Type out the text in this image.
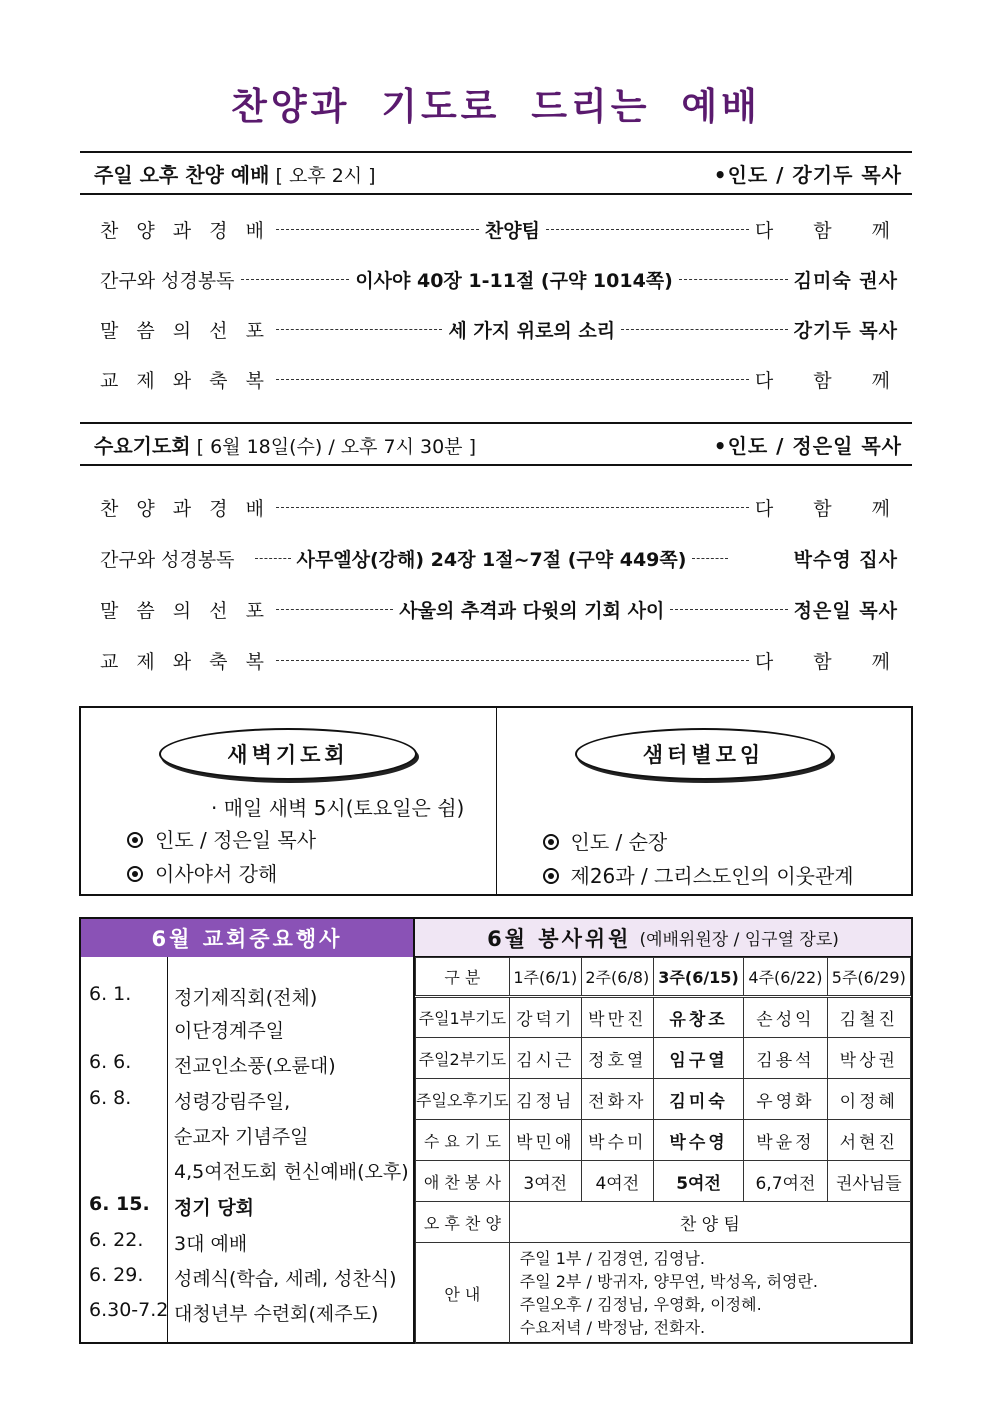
찬양과 기도로 드리는 예배
주일 오후 찬양 예배 [ 오후 2시 ]	•인도 / 강기두 목사
찬 양 과 경 배	찬양팀	다 함 께
간구와 성경봉독	이사야 40장 1-11절 (구약 1014쪽)	김미숙 권사
말 씀 의 선 포	세 가지 위로의 소리	강기두 목사
교 제 와 축 복	다 함 께
수요기도회 [ 6월 18일(수) / 오후 7시 30분 ]	•인도 / 정은일 목사
찬 양 과 경 배	다 함 께
간구와 성경봉독	사무엘상(강해) 24장 1절~7절 (구약 449쪽)	박수영 집사
말 씀 의 선 포	사울의 추격과 다윗의 기회 사이	정은일 목사
교 제 와 축 복	다 함 께
새벽기도회
· 매일 새벽 5시(토요일은 쉼)
인도 / 정은일 목사
이사야서 강해
샘터별모임
인도 / 순장
제26과 / 그리스도인의 이웃관계
6월 교회중요행사
6. 1. 정기제직회(전체)
이단경계주일
6. 6. 전교인소풍(오륜대)
6. 8. 성령강림주일,
순교자 기념주일
4,5여전도회 헌신예배(오후)
6. 15. 정기 당회
6. 22. 3대 예배
6. 29. 성례식(학습, 세례, 성찬식)
6.30-7.2 대청년부 수련회(제주도)
6월 봉사위원 (예배위원장 / 임구열 장로)
구 분	1주(6/1)	2주(6/8)	3주(6/15)	4주(6/22)	5주(6/29)
주일1부기도	강덕기	박만진	유창조	손성익	김철진
주일2부기도	김시근	정호열	임구열	김용석	박상권
주일오후기도	김정님	전화자	김미숙	우영화	이정혜
수 요 기 도	박민애	박수미	박수영	박윤정	서현진
애 찬 봉 사	3여전	4여전	5여전	6,7여전	권사님들
오 후 찬 양	찬 양 팀				
안 내	주일 1부 / 김경연, 김영남.
주일 2부 / 방귀자, 양무연, 박성옥, 허영란.
주일오후 / 김정님, 우영화, 이정혜.
수요저녁 / 박정남, 전화자.				
